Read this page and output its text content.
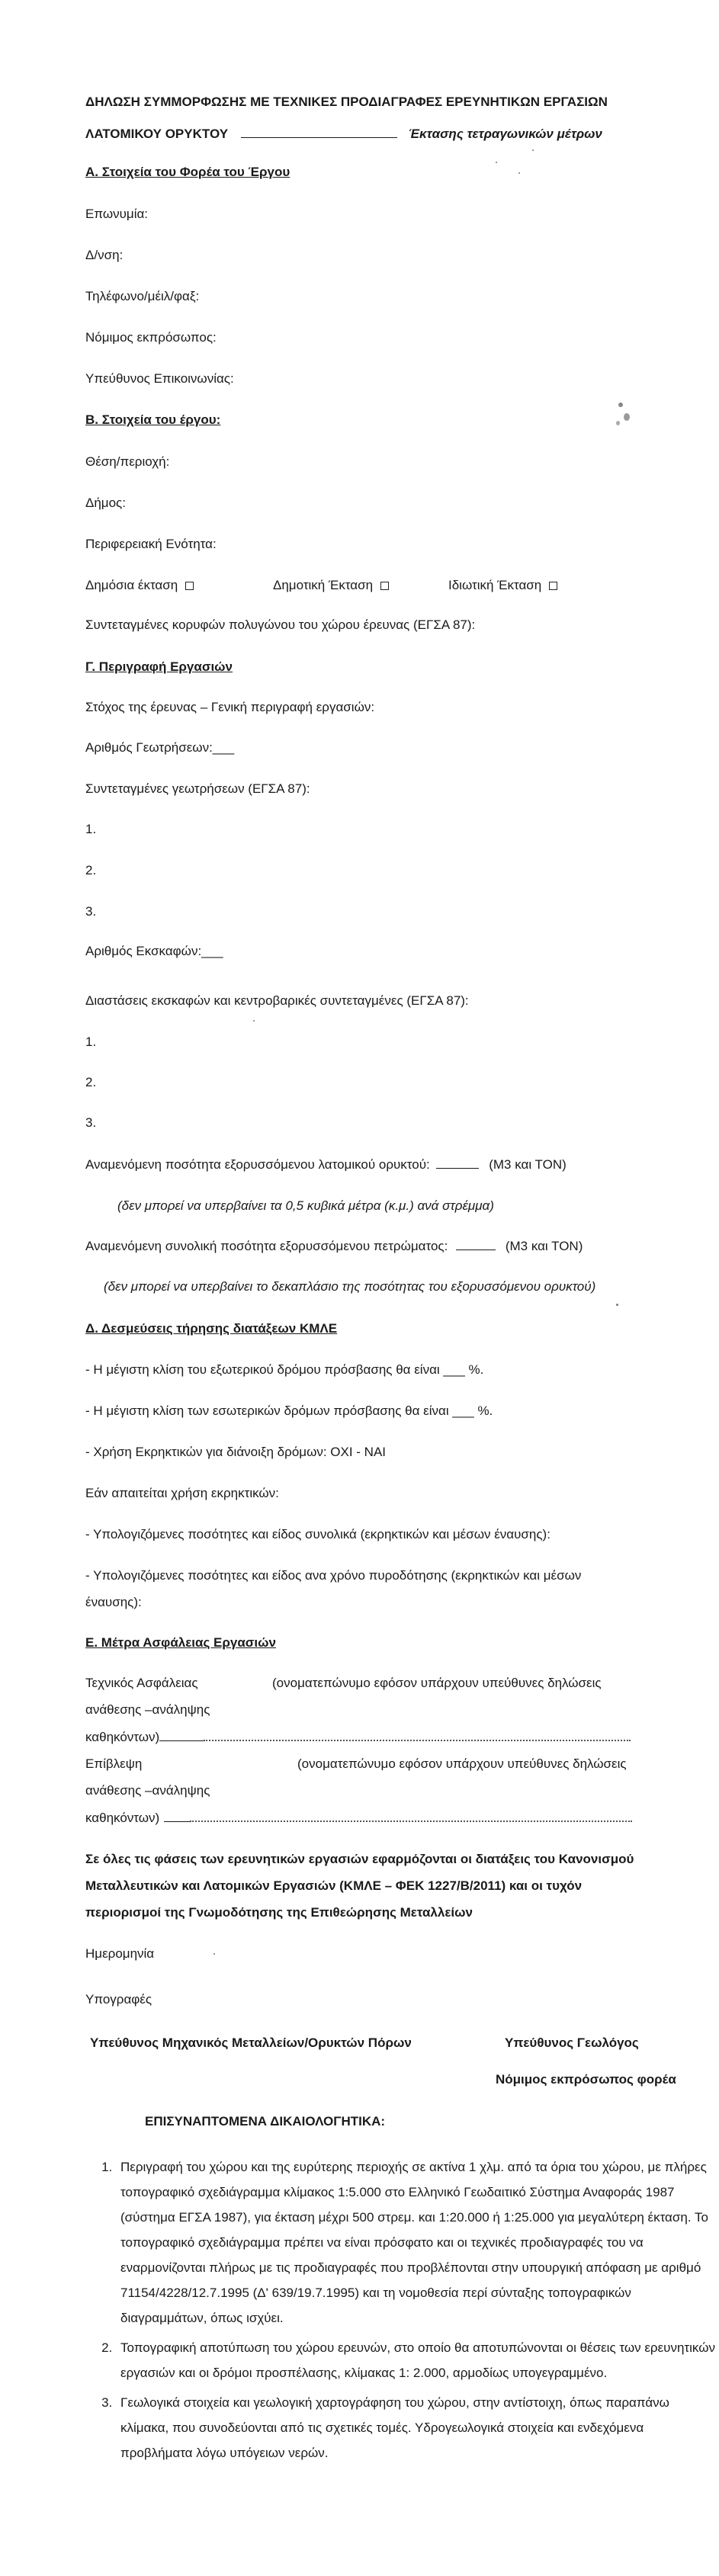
ΔΗΛΩΣΗ ΣΥΜΜΟΡΦΩΣΗΣ ΜΕ ΤΕΧΝΙΚΕΣ ΠΡΟΔΙΑΓΡΑΦΕΣ ΕΡΕΥΝΗΤΙΚΩΝ ΕΡΓΑΣΙΩΝ
ΛΑΤΟΜΙΚΟΥ ΟΡΥΚΤΟΥ	Έκτασης τετραγωνικών μέτρων
Α. Στοιχεία του Φορέα του Έργου
Επωνυμία:
Δ/νση:
Τηλέφωνο/μέιλ/φαξ:
Νόμιμος εκπρόσωπος:
Υπεύθυνος Επικοινωνίας:
Β. Στοιχεία του έργου:
Θέση/περιοχή:
Δήμος:
Περιφερειακή Ενότητα:
Δημόσια έκταση	Δημοτική Έκταση	Ιδιωτική Έκταση
Συντεταγμένες κορυφών πολυγώνου του χώρου έρευνας (ΕΓΣΑ 87):
Γ. Περιγραφή Εργασιών
Στόχος της έρευνας – Γενική περιγραφή εργασιών:
Αριθμός Γεωτρήσεων:___
Συντεταγμένες γεωτρήσεων (ΕΓΣΑ 87):
1.
2.
3.
Αριθμός Εκσκαφών:___
Διαστάσεις εκσκαφών και κεντροβαρικές συντεταγμένες (ΕΓΣΑ 87):
1.
2.
3.
Αναμενόμενη ποσότητα εξορυσσόμενου λατομικού ορυκτού:	(Μ3 και ΤΟΝ)
(δεν μπορεί να υπερβαίνει τα 0,5 κυβικά μέτρα (κ.μ.) ανά στρέμμα)
Αναμενόμενη συνολική ποσότητα εξορυσσόμενου πετρώματος:	(Μ3 και ΤΟΝ)
(δεν μπορεί να υπερβαίνει το δεκαπλάσιο της ποσότητας του εξορυσσόμενου ορυκτού)
Δ. Δεσμεύσεις τήρησης διατάξεων ΚΜΛΕ
- Η μέγιστη κλίση του εξωτερικού δρόμου πρόσβασης θα είναι ___ %.
- Η μέγιστη κλίση των εσωτερικών δρόμων πρόσβασης θα είναι ___ %.
- Χρήση Εκρηκτικών για διάνοιξη δρόμων: ΟΧΙ - ΝΑΙ
Εάν απαιτείται χρήση εκρηκτικών:
- Υπολογιζόμενες ποσότητες και είδος συνολικά (εκρηκτικών και μέσων έναυσης):
- Υπολογιζόμενες ποσότητες και είδος ανα χρόνο πυροδότησης (εκρηκτικών και μέσων
έναυσης):
Ε. Μέτρα Ασφάλειας Εργασιών
Τεχνικός Ασφάλειας	(ονοματεπώνυμο εφόσον υπάρχουν υπεύθυνες δηλώσεις
ανάθεσης –ανάληψης
καθηκόντων)
Επίβλεψη	(ονοματεπώνυμο εφόσον υπάρχουν υπεύθυνες δηλώσεις
ανάθεσης –ανάληψης
καθηκόντων)
Σε όλες τις φάσεις των ερευνητικών εργασιών εφαρμόζονται οι διατάξεις του Κανονισμού
Μεταλλευτικών και Λατομικών Εργασιών (ΚΜΛΕ – ΦΕΚ 1227/Β/2011) και οι τυχόν
περιορισμοί της Γνωμοδότησης της Επιθεώρησης Μεταλλείων
Ημερομηνία
Υπογραφές
Υπεύθυνος Μηχανικός Μεταλλείων/Ορυκτών Πόρων	Υπεύθυνος Γεωλόγος
Νόμιμος εκπρόσωπος φορέα
ΕΠΙΣΥΝΑΠΤΟΜΕΝΑ ΔΙΚΑΙΟΛΟΓΗΤΙΚΑ:
1. Περιγραφή του χώρου και της ευρύτερης περιοχής σε ακτίνα 1 χλμ. από τα όρια του χώρου, με πλήρες τοπογραφικό σχεδιάγραμμα κλίμακος 1:5.000 στο Ελληνικό Γεωδαιτικό Σύστημα Αναφοράς 1987 (σύστημα ΕΓΣΑ 1987), για έκταση μέχρι 500 στρεμ. και 1:20.000 ή 1:25.000 για μεγαλύτερη έκταση. Το τοπογραφικό σχεδιάγραμμα πρέπει να είναι πρόσφατο και οι τεχνικές προδιαγραφές του να εναρμονίζονται πλήρως με τις προδιαγραφές που προβλέπονται στην υπουργική απόφαση με αριθμό 71154/4228/12.7.1995 (Δ' 639/19.7.1995) και τη νομοθεσία περί σύνταξης τοπογραφικών διαγραμμάτων, όπως ισχύει.
2. Τοπογραφική αποτύπωση του χώρου ερευνών, στο οποίο θα αποτυπώνονται οι θέσεις των ερευνητικών εργασιών και οι δρόμοι προσπέλασης, κλίμακας 1: 2.000, αρμοδίως υπογεγραμμένο.
3. Γεωλογικά στοιχεία και γεωλογική χαρτογράφηση του χώρου, στην αντίστοιχη, όπως παραπάνω κλίμακα, που συνοδεύονται από τις σχετικές τομές. Υδρογεωλογικά στοιχεία και ενδεχόμενα προβλήματα λόγω υπόγειων νερών.
